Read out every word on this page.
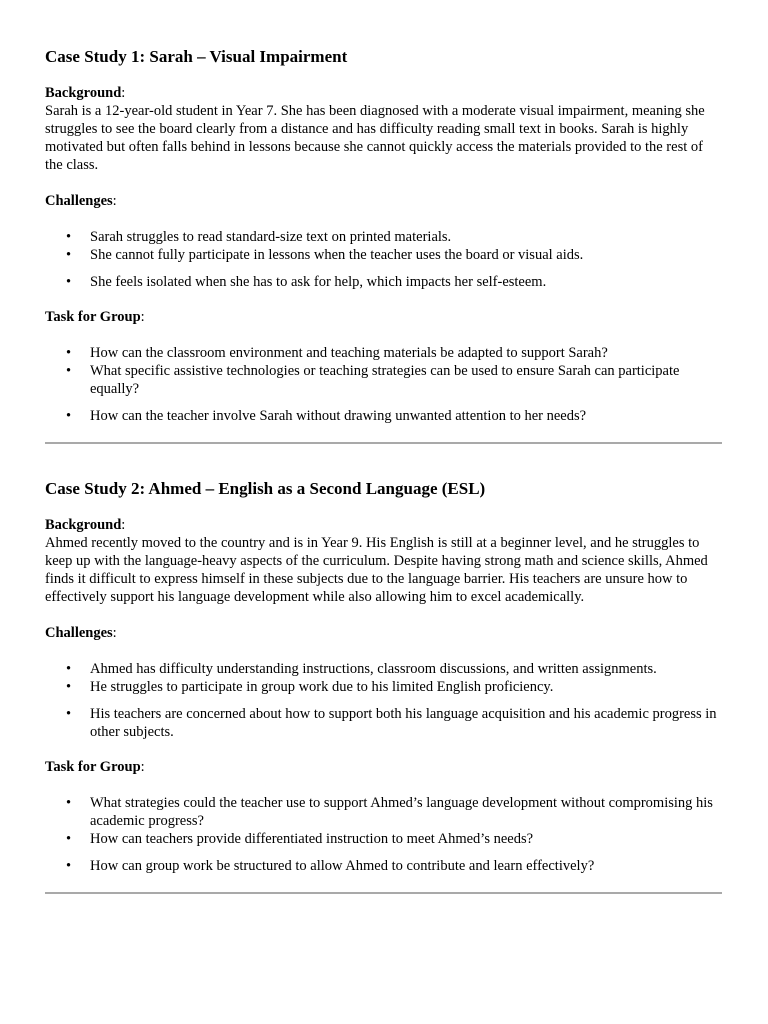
Case Study 1: Sarah – Visual Impairment
Background:
Sarah is a 12-year-old student in Year 7. She has been diagnosed with a moderate visual impairment, meaning she struggles to see the board clearly from a distance and has difficulty reading small text in books. Sarah is highly motivated but often falls behind in lessons because she cannot quickly access the materials provided to the rest of the class.
Challenges:
• Sarah struggles to read standard-size text on printed materials.
• She cannot fully participate in lessons when the teacher uses the board or visual aids.
• She feels isolated when she has to ask for help, which impacts her self-esteem.
Task for Group:
• How can the classroom environment and teaching materials be adapted to support Sarah?
• What specific assistive technologies or teaching strategies can be used to ensure Sarah can participate equally?
• How can the teacher involve Sarah without drawing unwanted attention to her needs?
Case Study 2: Ahmed – English as a Second Language (ESL)
Background:
Ahmed recently moved to the country and is in Year 9. His English is still at a beginner level, and he struggles to keep up with the language-heavy aspects of the curriculum. Despite having strong math and science skills, Ahmed finds it difficult to express himself in these subjects due to the language barrier. His teachers are unsure how to effectively support his language development while also allowing him to excel academically.
Challenges:
• Ahmed has difficulty understanding instructions, classroom discussions, and written assignments.
• He struggles to participate in group work due to his limited English proficiency.
• His teachers are concerned about how to support both his language acquisition and his academic progress in other subjects.
Task for Group:
• What strategies could the teacher use to support Ahmed’s language development without compromising his academic progress?
• How can teachers provide differentiated instruction to meet Ahmed’s needs?
• How can group work be structured to allow Ahmed to contribute and learn effectively?
